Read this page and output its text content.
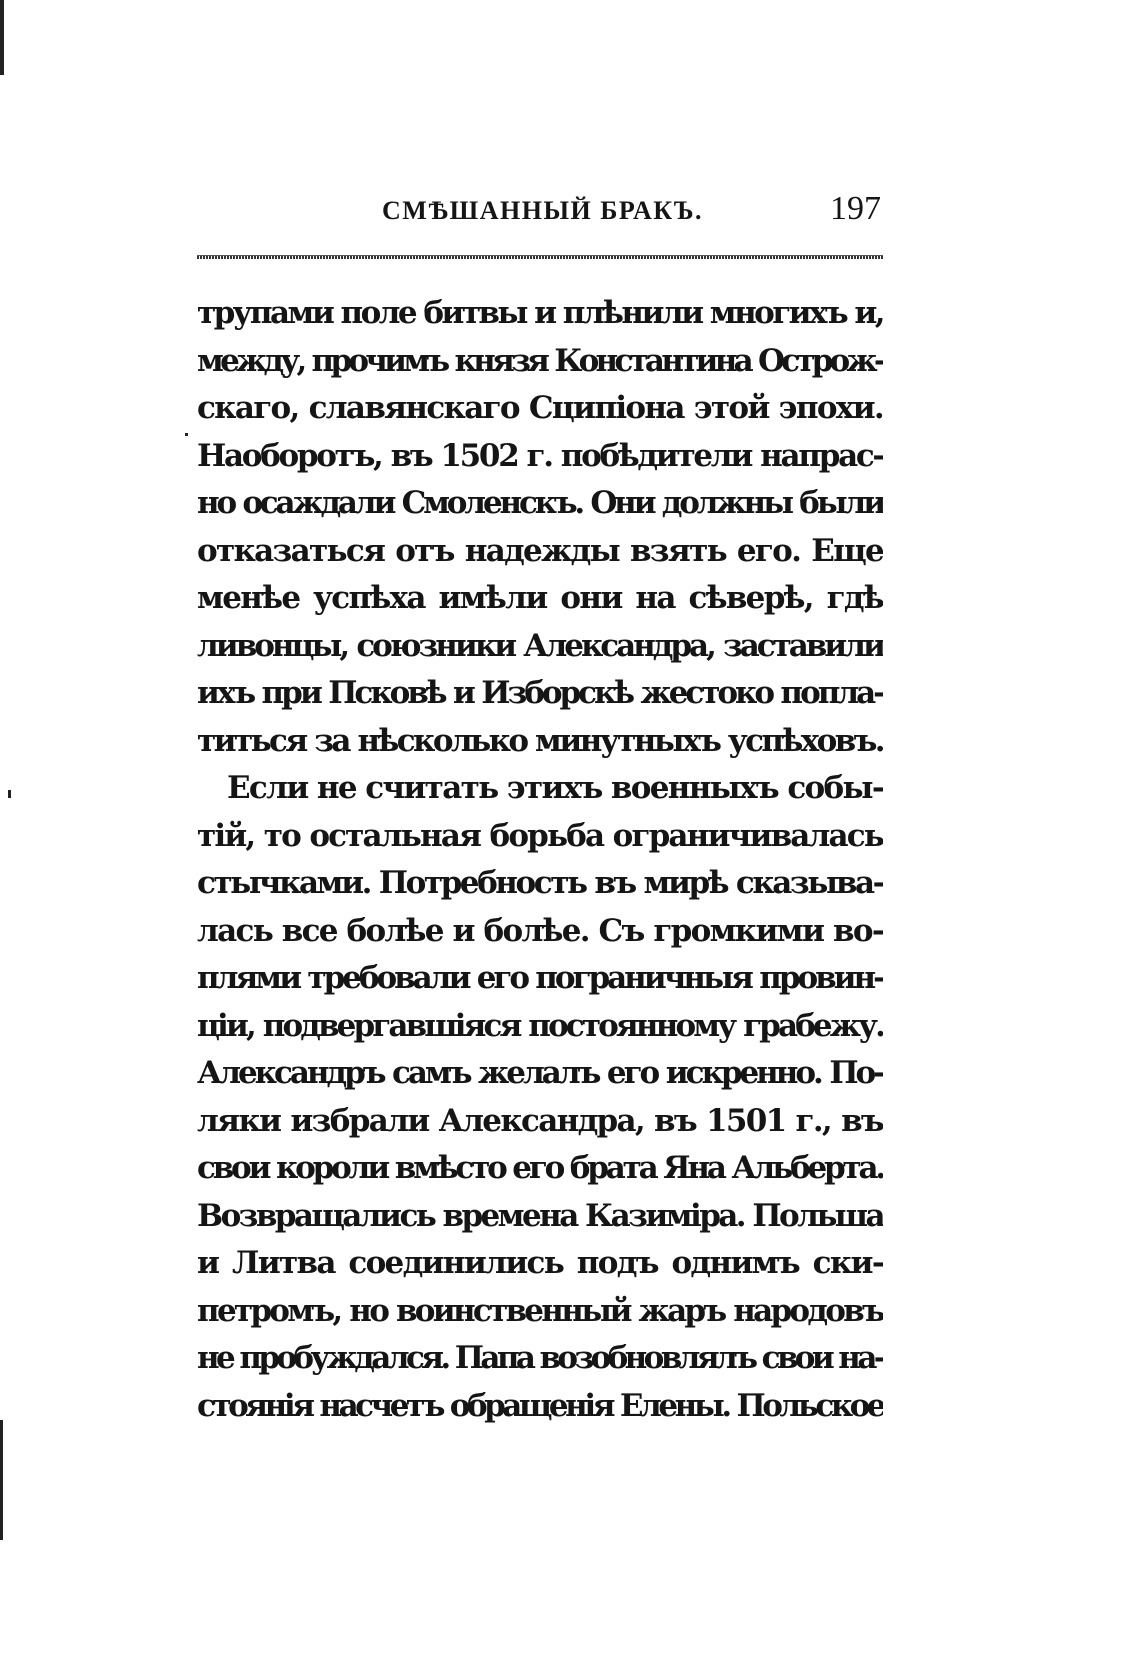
СМѢШАННЫЙ БРАКЪ.	197
трупами поле битвы и плѣнили многихъ и,
между, прочимъ князя Константина Острож-
скаго, славянскаго Сципіона этой эпохи.
Наоборотъ, въ 1502 г. побѣдители напрас-
но осаждали Смоленскъ. Они должны были
отказаться отъ надежды взять его. Еще
менѣе успѣха имѣли они на сѣверѣ, гдѣ
ливонцы, союзники Александра, заставили
ихъ при Псковѣ и Изборскѣ жестоко попла-
титься за нѣсколько минутныхъ успѣховъ.
Если не считать этихъ военныхъ собы-
тій, то остальная борьба ограничивалась
стычками. Потребность въ мирѣ сказыва-
лась все болѣе и болѣе. Съ громкими во-
плями требовали его пограничныя провин-
ціи, подвергавшіяся постоянному грабежу.
Александръ самъ желалъ его искренно. По-
ляки избрали Александра, въ 1501 г., въ
свои короли вмѣсто его брата Яна Альберта.
Возвращались времена Казиміра. Польша
и Литва соединились подъ однимъ ски-
петромъ, но воинственный жаръ народовъ
не пробуждался. Папа возобновлялъ свои на-
стоянія насчетъ обращенія Елены. Польское
